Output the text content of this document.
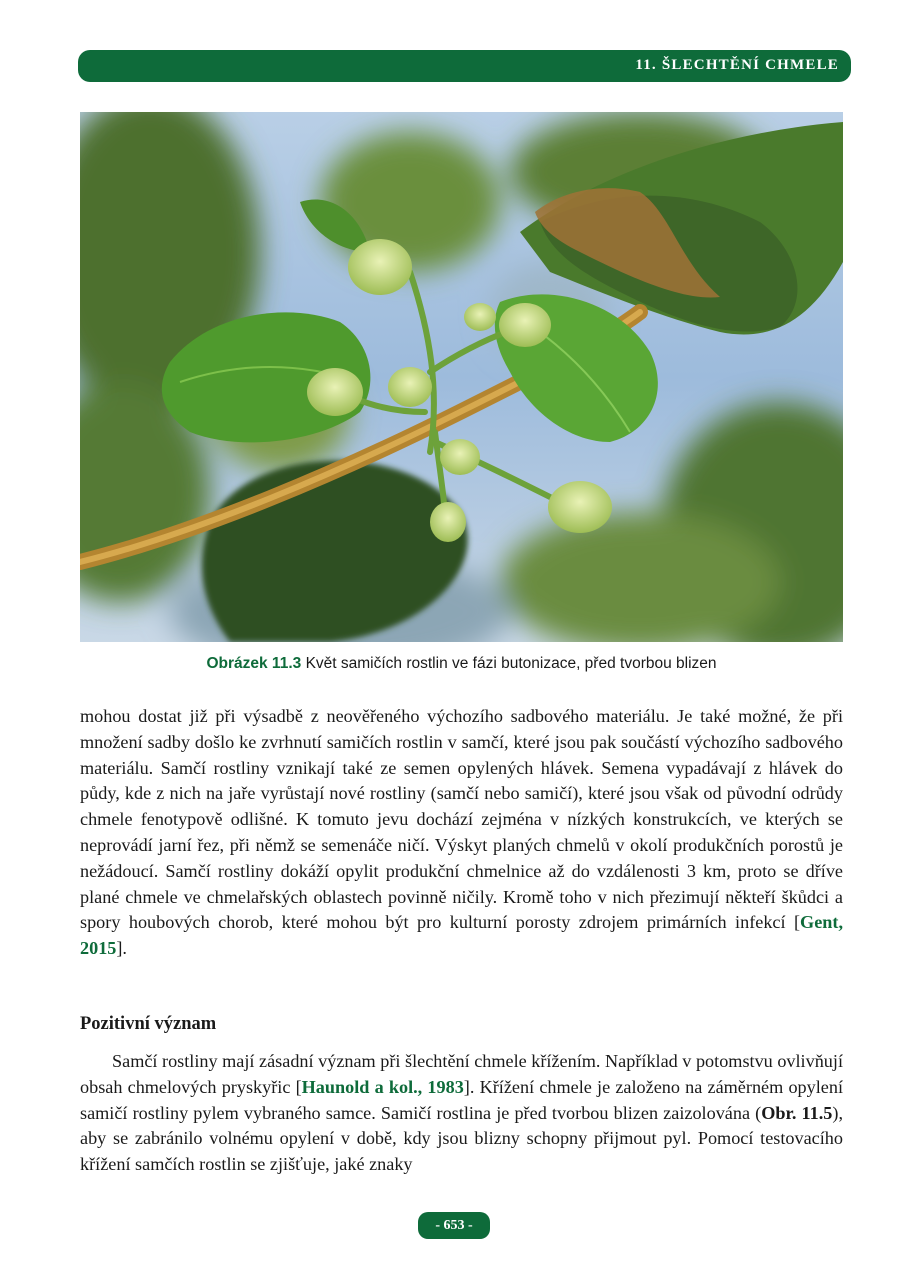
11. ŠLECHTĚNÍ CHMELE
Obrázek 11.3 Květ samičích rostlin ve fázi butonizace, před tvorbou blizen

mohou dostat již při výsadbě z neověřeného výchozího sadbového materiálu. Je také možné, že při množení sadby došlo ke zvrhnutí samičích rostlin v samčí, které jsou pak součástí výchozího sadbového materiálu. Samčí rostliny vznikají také ze semen opylených hlávek. Semena vypadávají z hlávek do půdy, kde z nich na jaře vyrůstají nové rostliny (samčí nebo samičí), které jsou však od původní odrůdy chmele fenotypově odlišné. K tomuto jevu dochází zejména v nízkých konstrukcích, ve kterých se neprovádí jarní řez, při němž se semenáče ničí. Výskyt planých chmelů v okolí produkčních porostů je nežádoucí. Samčí rostliny dokáží opylit produkční chmelnice až do vzdálenosti 3 km, proto se dříve plané chmele ve chmelařských oblastech povinně ničily. Kromě toho v nich přezimují někteří škůdci a spory houbových chorob, které mohou být pro kulturní porosty zdrojem primárních infekcí [Gent, 2015].

Pozitivní význam

Samčí rostliny mají zásadní význam při šlechtění chmele křížením. Například v potomstvu ovlivňují obsah chmelových pryskyřic [Haunold a kol., 1983]. Křížení chmele je založeno na záměrném opylení samičí rostliny pylem vybraného samce. Samičí rostlina je před tvorbou blizen zaizolována (Obr. 11.5), aby se zabránilo volnému opylení v době, kdy jsou blizny schopny přijmout pyl. Pomocí testovacího křížení samčích rostlin se zjišťuje, jaké znaky

- 653 -
